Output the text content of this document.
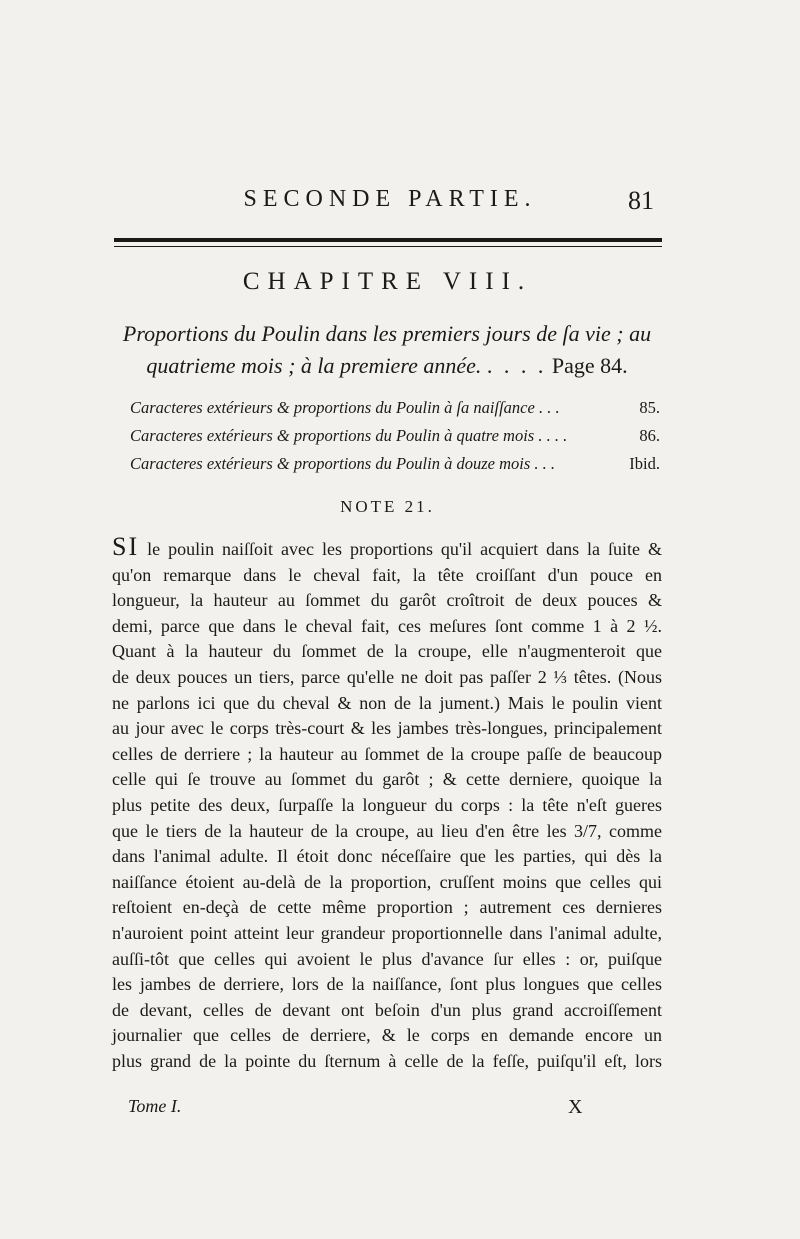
SECONDE PARTIE.	81
CHAPITRE VIII.
Proportions du Poulin dans les premiers jours de ſa vie ; au
quatrieme mois ; à la premiere année. . . . . Page 84.
Caracteres extérieurs & proportions du Poulin à ſa naiſſance . . .	85.
Caracteres extérieurs & proportions du Poulin à quatre mois . . . .	86.
Caracteres extérieurs & proportions du Poulin à douze mois . . .	Ibid.
NOTE 21.
SI le poulin naiſſoit avec les proportions qu'il acquiert dans la ſuite &
qu'on remarque dans le cheval fait, la tête croiſſant d'un pouce en
longueur, la hauteur au ſommet du garôt croîtroit de deux pouces &
demi, parce que dans le cheval fait, ces meſures ſont comme 1 à 2 ½.
Quant à la hauteur du ſommet de la croupe, elle n'augmenteroit que
de deux pouces un tiers, parce qu'elle ne doit pas paſſer 2 ⅓ têtes. (Nous
ne parlons ici que du cheval & non de la jument.) Mais le poulin vient
au jour avec le corps très-court & les jambes très-longues, principalement
celles de derriere ; la hauteur au ſommet de la croupe paſſe de beaucoup
celle qui ſe trouve au ſommet du garôt ; & cette derniere, quoique la
plus petite des deux, ſurpaſſe la longueur du corps : la tête n'eſt gueres
que le tiers de la hauteur de la croupe, au lieu d'en être les 3/7, comme
dans l'animal adulte. Il étoit donc néceſſaire que les parties, qui dès la
naiſſance étoient au-delà de la proportion, cruſſent moins que celles qui
reſtoient en-deçà de cette même proportion ; autrement ces dernieres
n'auroient point atteint leur grandeur proportionnelle dans l'animal adulte,
auſſi-tôt que celles qui avoient le plus d'avance ſur elles : or, puiſque
les jambes de derriere, lors de la naiſſance, ſont plus longues que celles
de devant, celles de devant ont beſoin d'un plus grand accroiſſement
journalier que celles de derriere, & le corps en demande encore un
plus grand de la pointe du ſternum à celle de la feſſe, puiſqu'il eſt, lors
Tome I.	X
